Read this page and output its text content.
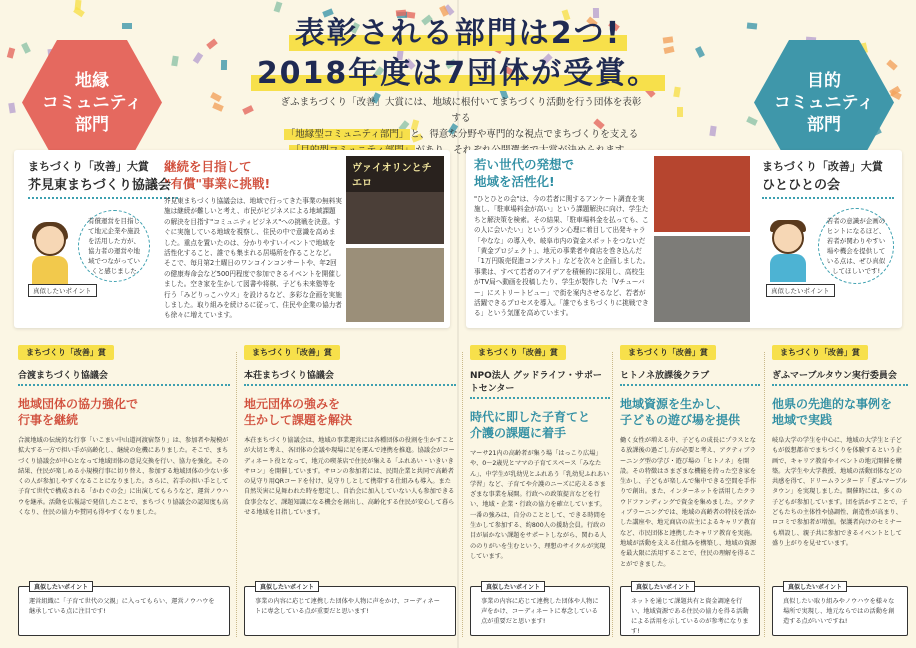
表彰される部門は2つ!
2018年度は7団体が受賞。
ぎふまちづくり「改善」大賞には、地域に根付いてまちづくり活動を行う団体を表彰する
「地縁型コミュニティ部門」 と、得意な分野や専門的な視点でまちづくりを支える
地縁
コミュニティ
部門
目的
コミュニティ
部門
まちづくり「改善」大賞
芥見東まちづくり協議会
有償運営を目指して地元企業や施設を活用した方が、協力者の運営や地域でつながっていくと感じました
真似したいポイント
継続を目指して
"有償"事業に挑戦!
芥見東まちづくり協議会は、地域で行ってきた事業の無料実施は継続が難しいと考え、市民がビジネスによる地域課題の解決を目指す"コミュニティビジネス"への挑戦を決意。すぐに実施している地域を視察し、住民の中で意識を高めました。重点を置いたのは、分かりやすいイベントで地域を活性化すること、誰でも集まれる居場所を作ることなど。そこで、毎月第2土曜日のワンコインコンサートや、年2回の健康寿命会など500円程度で参加できるイベントを開催しました。空き家を生かして図書や将棋、子ども未来塾等を行う「みどりっこハウス」を設けるなど、多彩な企画を実施しました。取り組みを続けるに従って、住民や企業の協力者も徐々に増えています。
ヴァイオリンとチエロ
若い世代の発想で
地域を活性化!
"ひとひとの会"は、今の若者に関するアンケート調査を実施し、「駐車場料金が高い」という課題解決に向け、学生たちと解決策を検索。その結果、「駐車場料金を払っても、この人に会いたい」というプラン心理に着目して出発キャラ「やなな」の導入や、岐阜市内の資金スポットをつないだ「黄金プロジェクト」、地元の事業者や商店を巻き込んだ「1万円販売促進コンテスト」などを次々と企画しました。事業は、すべて若者のアイデアを積極的に採用し、高校生がTV局へ動画を投稿したり、学生が製作した「Vチューバー」にストリートビュー」で街を案内させるなど、若者が活躍できるプロセスを導入。「誰でもまちづくりに挑戦できる」という気運を高めています。
まちづくり「改善」大賞
ひとひとの会
若者の意識が企画のヒントになるほど、若者が関わりやすい場や機会を提供している点は、ぜひ真似してほしいです!
真似したいポイント
まちづくり「改善」賞
合渡まちづくり協議会
地域団体の協力強化で
行事を継続
合渡地域の伝統的な行事「いこまい中山道河渡宿祭り」は、参加者や規模が拡大する一方で担い手が高齢化し、継続の危機にありました。そこで、まちづくり協議会が中心となって地域団体の意見交換を行い、協力を強化。その結果、住民が楽しめる小規模行事に切り替え、参加する地域団体の少ない多くの人が参加しやすくなることになりました。さらに、若手の担い手として子育て世代で構成される「かわぐの会」に出演してもらうなど、運営ノウハウを継承。活動を広報誌で発信したことで、まちづくり協議会の認知度も高くなり、住民の協力や賛同も得やすくなりました。
真似したいポイント
運営組織に「子育て世代の父親」に入ってもらい、運営ノウハウを継承している点に注目です!
まちづくり「改善」賞
本荘まちづくり協議会
地元団体の強みを
生かして課題を解決
本荘まちづくり協議会は、地域の事業運営には各種団体の役割を生かすことが大切と考え、各団体の会議や現場に足を運んで連携を推進。協議会がコーディネート役となって、地元の喫茶店で住民が集える「ふれあい・いきいきサロン」を開催しています。サロンの参加者には、民間企業と共同で高齢者の見守り用QRコードを付け、見守りしとして携帯する仕組みも導入。また自然災害に見舞われた時を想定し、自治会に加入していない人も参加できる食事会など、課題知識になる機会を創出し、高齢化する住民が安心して暮らせる地域を目指しています。
真似したいポイント
事業の内容に応じて連携した団体や人物に声をかけ、コーディネートに専念している点が重要だと思います!
まちづくり「改善」賞
NPO法人 グッドライフ・サポートセンター
時代に即した子育てと
介護の課題に着手
マーサ21内の高齢者が集う場「はっこり広場」や、0〜2歳児とママの子育てスペース「みなたん」、中学生が乳幼児とふれあう「乳幼児ふれあい学習」など、子育てや介護のニーズに応えるさまざまな事業を展開。行政への政策提言などを行い、地域・企業・行政の協力を確立しています。一番の強みは、自分のこととして、できる時間を生かして参加する、約800人の援助会員。行政の目が届かない課題をサポートしながら、関わる人ののりがいを生むという、理想のサイクルが実現しています。
真似したいポイント
事業の内容に応じて連携した団体や人物に声をかけ、コーディネートに専念している点が重要だと思います!
まちづくり「改善」賞
ヒトノネ放課後クラブ
地域資源を生かし、
子どもの遊び場を提供
働く女性が増える中、子どもの成長にプラスとなる放課後の過ごし方が必要と考え、アクティブラーニング型の学び・遊び場の「ヒトノネ」を開設。その特徴はさまざまな機能を持った空き家を生かし、子どもが楽しんで集中できる空間を手作りで創出。また、インターネットを活用したクラウドファンディングで資金を集めました。アクティブラーニングでは、地域の高齢者の特技を活かした講座や、地元商店の店主によるキャリア教育など、市民団体と連携したキャリア教育を実施。地域が活動を支える仕組みを構築し、地域の資源を最大限に活用することで、住民の理解を得ることができました。
真似したいポイント
ネットを通じて課題共有と資金調達を行い、地域資源である住民の協力を得る活動による活用を示しているのが参考になります!
まちづくり「改善」賞
ぎふマーブルタウン実行委員会
他県の先進的な事例を
地域で実践
岐阜大学の学生を中心に、地域の大学生と子どもが仮想都市でまちづくりを体験するという企画で、キャリア教育やイベントの地元開催を構築。大学生や大学教授、地域の活動団体などの共感を得て、ドリームランタード「ぎふマーブルタウン」を実現しました。開催時には、多くの子どもが参加しています。団を活かすことで、子どもたちの主体性や協調性、創造性が高まり、ロコミで参加者が増加。保護者向けのセミナーも増設し、親子共に参加できるイベントとして盛り上がりを見せています。
真似したいポイント
真似したい取り組みやノウハウを様々な場所で実現し、地元ならではの活動を創造する点がいいですね!
